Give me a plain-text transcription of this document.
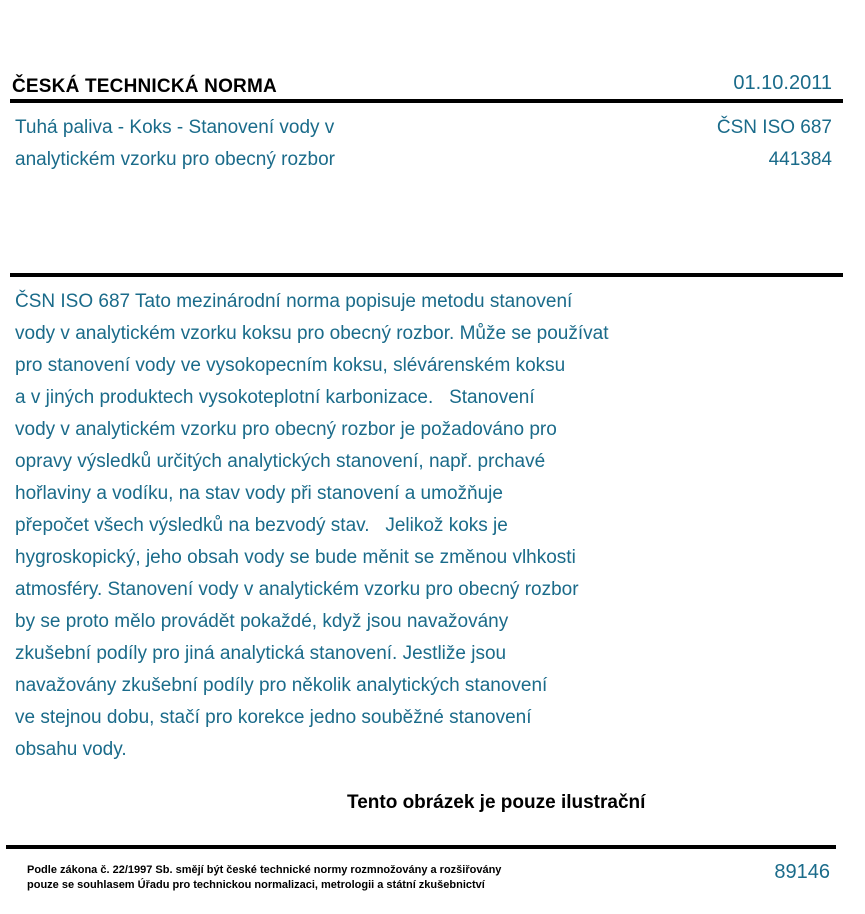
ČESKÁ TECHNICKÁ NORMA	01.10.2011
Tuhá paliva - Koks - Stanovení vody v
analytickém vzorku pro obecný rozbor
ČSN ISO 687
441384
ČSN ISO 687 Tato mezinárodní norma popisuje metodu stanovení
vody v analytickém vzorku koksu pro obecný rozbor. Může se používat
pro stanovení vody ve vysokopecním koksu, slévárenském koksu
a v jiných produktech vysokoteplotní karbonizace.   Stanovení
vody v analytickém vzorku pro obecný rozbor je požadováno pro
opravy výsledků určitých analytických stanovení, např. prchavé
hořlaviny a vodíku, na stav vody při stanovení a umožňuje
přepočet všech výsledků na bezvodý stav.   Jelikož koks je
hygroskopický, jeho obsah vody se bude měnit se změnou vlhkosti
atmosféry. Stanovení vody v analytickém vzorku pro obecný rozbor
by se proto mělo provádět pokaždé, když jsou navažovány
zkušební podíly pro jiná analytická stanovení. Jestliže jsou
navažovány zkušební podíly pro několik analytických stanovení
ve stejnou dobu, stačí pro korekce jedno souběžné stanovení
obsahu vody.
Tento obrázek je pouze ilustrační
Podle zákona č. 22/1997 Sb. smějí být české technické normy rozmnožovány a rozšiřovány
pouze se souhlasem Úřadu pro technickou normalizaci, metrologii a státní zkušebnictví
89146
